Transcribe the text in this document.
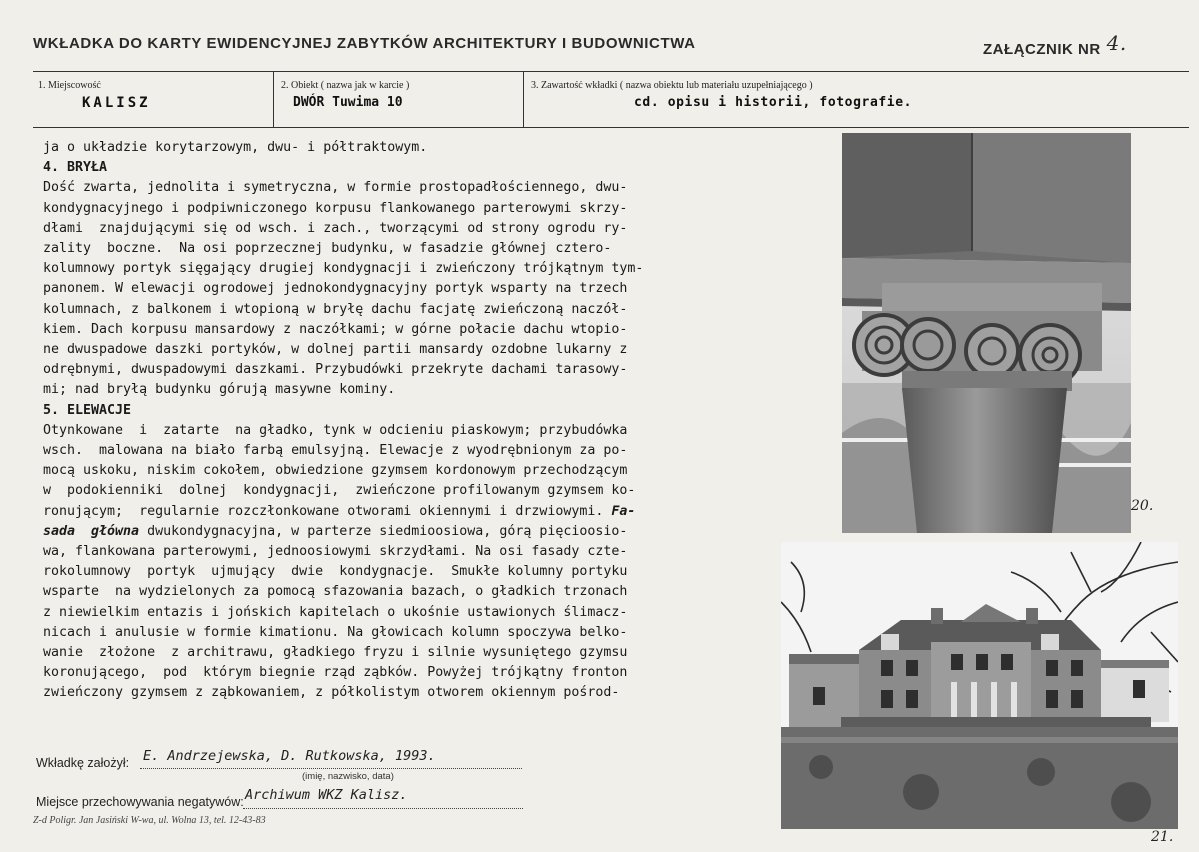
WKŁADKA DO KARTY EWIDENCYJNEJ ZABYTKÓW ARCHITEKTURY I BUDOWNICTWA	ZAŁĄCZNIK NR 4.
1. Miejscowość
KALISZ
2. Obiekt ( nazwa jak w karcie )
DWÓR Tuwima 10
3. Zawartość wkładki ( nazwa obiektu lub materiału uzupełniającego )
cd. opisu i historii, fotografie.
ja o układzie korytarzowym, dwu- i półtraktowym.
4. BRYŁA
Dość zwarta, jednolita i symetryczna, w formie prostopadłościennego, dwu-
kondygnacyjnego i podpiwniczonego korpusu flankowanego parterowymi skrzy-
dłami  znajdującymi się od wsch. i zach., tworzącymi od strony ogrodu ry-
zality  boczne.  Na osi poprzecznej budynku, w fasadzie głównej cztero-
kolumnowy portyk sięgający drugiej kondygnacji i zwieńczony trójkątnym tym-
panonem. W elewacji ogrodowej jednokondygnacyjny portyk wsparty na trzech
kolumnach, z balkonem i wtopioną w bryłę dachu facjatę zwieńczoną naczół-
kiem. Dach korpusu mansardowy z naczółkami; w górne połacie dachu wtopio-
ne dwuspadowe daszki portyków, w dolnej partii mansardy ozdobne lukarny z
odrębnymi, dwuspadowymi daszkami. Przybudówki przekryte dachami tarasowy-
mi; nad bryłą budynku górują masywne kominy.
5. ELEWACJE
Otynkowane  i  zatarte  na gładko, tynk w odcieniu piaskowym; przybudówka
wsch.  malowana na biało farbą emulsyjną. Elewacje z wyodrębnionym za po-
mocą uskoku, niskim cokołem, obwiedzione gzymsem kordonowym przechodzącym
w  podokienniki  dolnej  kondygnacji,  zwieńczone profilowanym gzymsem ko-
ronującym;  regularnie rozczłonkowane otworami okiennymi i drzwiowymi. Fa-
sada  główna dwukondygnacyjna, w parterze siedmioosiowa, górą pięcioosio-
wa, flankowana parterowymi, jednoosiowymi skrzydłami. Na osi fasady czte-
rokolumnowy  portyk  ujmujący  dwie  kondygnacje.  Smukłe kolumny portyku
wsparte  na wydzielonych za pomocą sfazowania bazach, o gładkich trzonach
z niewielkim entazis i jońskich kapitelach o ukośnie ustawionych ślimacz-
nicach i anulusie w formie kimationu. Na głowicach kolumn spoczywa belko-
wanie  złożone  z architrawu, gładkiego fryzu i silnie wysuniętego gzymsu
koronującego,  pod  którym biegnie rząd ząbków. Powyżej trójkątny fronton
zwieńczony gzymsem z ząbkowaniem, z półkolistym otworem okiennym pośrod-
20.
21.
Wkładkę założył: E. Andrzejewska, D. Rutkowska, 1993.
(imię, nazwisko, data)
Miejsce przechowywania negatywów: Archiwum WKZ Kalisz.
Z-d Poligr. Jan Jasiński W-wa, ul. Wolna 13, tel. 12-43-83
